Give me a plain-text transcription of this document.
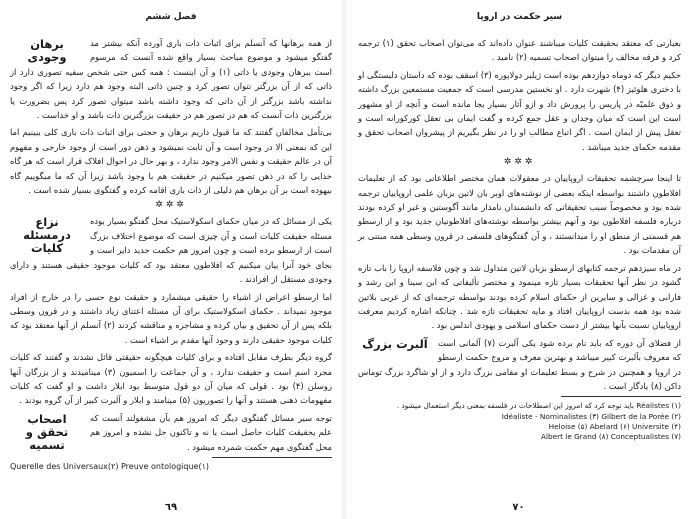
فصل ششم
برهان وجودی

از همه برهانها که آنسلم برای اثبات ذات باری آورده آنکه بیشتر مد گفتگو میشود و موضوع مباحث بسیار واقع شده آنست که مرسوم است ببرهان وجودی یا ذاتی (۱) و آن اینست : همه کس حتی شخص سفیه تصوری دارد از ذاتی که از آن بزرگتر نتوان تصور کرد و چنین ذاتی البته وجود هم دارد زیرا که اگر وجود نداشته باشد بزرگتر از آن ذاتی که وجود داشته باشد میتوان تصور کرد پس بضرورت یا بزرگترین ذات آنست که هم در تصور هم در حقیقت بزرگترین ذات باشد و او خداست .

بی‌تأمل مخالفان گفتند که ما قبول داریم برهان و حجتی برای اثبات ذات باری کلی ببینیم اما این که بمعنی الا در وجود است و آن ثابت نمیشود و ذهن دور است از وجود خارجی و مفهوم آن در عالم حقیقت و نفس الامر وجود ندارد ، و بهر حال در احوال افلاک قرار است که هر گاه خدایی را که در ذهن تصور میکنیم در حقیقت هم با وجود باشد زیرا آن که ما میگوییم گاه بیهوده است بر آن برهان هم دلیلی از ذات باری اقامه کرده و گفتگوی بسیار شده است .

✲✲✲
نزاع درمسئله کلیات

یکی از مسائل که در میان حکمای اسکولاستیک محل گفتگو بسیار بوده مسئله حقیقت کلیات است و آن چیزی است که موضوع اختلاف بزرگ است از ارسطو برده است و چون امروز هم حکمت جدید دایر است و بجای خود آنرا بیان میکنیم که افلاطون معتقد بود که کلیات موجود حقیقی هستند و دارای وجودی مستقل از افرادند .

اما ارسطو اعراض از اشیاء را حقیقی میشمارد و حقیقت نوع حسی را در خارج از افراد موجود نمیداند . حکمای اسکولاستیک برای آن مسئله اعتنای زیاد داشتند و در قرون وسطی بلکه پس از آن تحقیق و بیان کرده و مشاجره و مناقشه کردند (۲) آنسلم از آنها معتقد بود که کلیات موجود حقیقی دارند و وجود آنها مقدم بر اشیاء است .

گروه دیگر بطرف مقابل افتاده و برای کلیات هیچگونه حقیقتی قائل نشدند و گفتند که کلیات مجرد اسم است و حقیقت ندارد ، و آن جماعت را اسمیون (۳) مینامیدند و از بزرگان آنها روسلن (۴) بود . قولی که میان آن دو قول متوسط بود ابلار داشت و او گفت که کلیات مفهومات ذهنی هستند و آنها را تصوریون (۵) مینامند و ابلار و آلبرت کبیر از آن گروه بودند .

اصحاب تحقق و تسمیه

توجه سیر مسائل گفتگوی دیگر که امروز هم بآن مشغولند آنست که علم بحقیقت کلیات حاصل است یا نه و تاکنون حل نشده و امروز هم محل گفتگوی مهم حکمت شمرده میشود .

Querelle des Universaux(۲) Preuve ontologique(۱)
٦٩
سیر حکمت در اروپا

بعبارتی که معتقد بحقیقت کلیات میباشند عنوان داده‌اند که می‌توان اصحاب تحقق (۱) ترجمه کرد و فرقه مخالف را میتوان اصحاب تسمیه (۲) نامید .

حکیم دیگر که دوماه دوازدهم بوده است ژیلبر دولاپوره (۳) اسقف بوده که داستان دلبستگی او با دختری هلوئیز (۴) شهرت دارد . او نخستین مدرسی است که جمعیت مستمعین بزرگ داشته و ذوق علمیّه در پاریس را پرورش داد و ازو آثار بسیار بجا مانده است و آنچه از او مشهور است این است که میان وجدان و عقل جمع کرده و گفت ایمان بی تعقل کورکورانه است و تعقل پیش از ایمان است . اگر اتباع مطالب او را در نظر بگیریم از پیشروان اصحاب تحقق و مقدمه حکمای جدید میباشد .

✲✲✲

تا اینجا سرچشمه تحقیقات اروپاییان در معقولات همان مختصر اطلاعاتی بود که از تعلیمات افلاطون داشتند بواسطه اینکه بعضی از نوشته‌های اوبر بان لاتین بزبان علمی اروپاییان ترجمه شده بود و مخصوصاً سبب تحقیقاتی که دانشمندان نامدار مانند آگوستین و غیر او کرده بودند درباره فلسفه افلاطون بود و آنهم بیشتر بواسطه نوشته‌های افلاطونیان جدید بود و از ارسطو هم قسمتی از منطق او را میدانستند ، و آن گفتگوهای فلسفی در قرون وسطی همه مبتنی بر آن مقدمات بود .

در ماه سیزدهم ترجمه کتابهای ارسطو بزبان لاتین متداول شد و چون فلاسفه اروپا را باب تازه گشود در نظر آنها تحقیقات بسیار تازه مینمود و مختصر تألیفاتی که ابن سینا و ابن رشد و فارابی و غزالی و سایرین از حکمای اسلام کرده بودند بواسطه ترجمه‌ای که از عربی بلاتین شده بود همه بدست اروپاییان افتاد و مایه تحقیقات تازه شد . چنانکه اشاره کردیم معرفت اروپاییان نسبت بآنها بیشتر از دست حکمای اسلامی و یهودی اندلس بود .

آلبرت بزرگ	از فضلای آن دوره که باید نام برده شود یکی آلبرت (۷) آلمانی است که معروف بآلبرت کبیر میباشد و بهترین معرف و مروج حکمت ارسطو در اروپا و همچنین در شرح و بسط تعلیمات او مقامی بزرگ دارد و از او شاگرد بزرگ توماس داکن (۸) یادگار است .

(۱) Réalistes باید توجه کرد که امروز این اصطلاحات در فلسفه بمعنی دیگر استعمال میشود .
(۲) Idéaliste - Nominalistes (۳) Gilbert de la Porée
(۴) Heloise (۵) Abelard (۶) Universite
(۷) Albert le Grand (۸) Conceptualistes
٧٠
